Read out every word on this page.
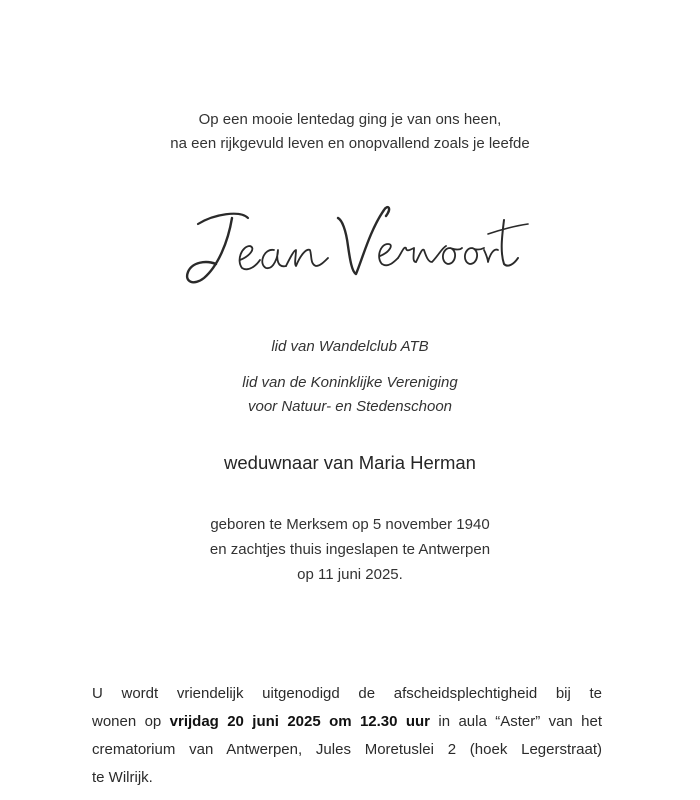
Op een mooie lentedag ging je van ons heen,
na een rijkgevuld leven en onopvallend zoals je leefde
lid van Wandelclub ATB
lid van de Koninklijke Vereniging
voor Natuur- en Stedenschoon
weduwnaar van Maria Herman
geboren te Merksem op 5 november 1940
en zachtjes thuis ingeslapen te Antwerpen
op 11 juni 2025.
U wordt vriendelijk uitgenodigd de afscheidsplechtigheid bij te
wonen op vrijdag 20 juni 2025 om 12.30 uur in aula “Aster” van het
crematorium van Antwerpen, Jules Moretuslei 2 (hoek Legerstraat)
te Wilrijk.
